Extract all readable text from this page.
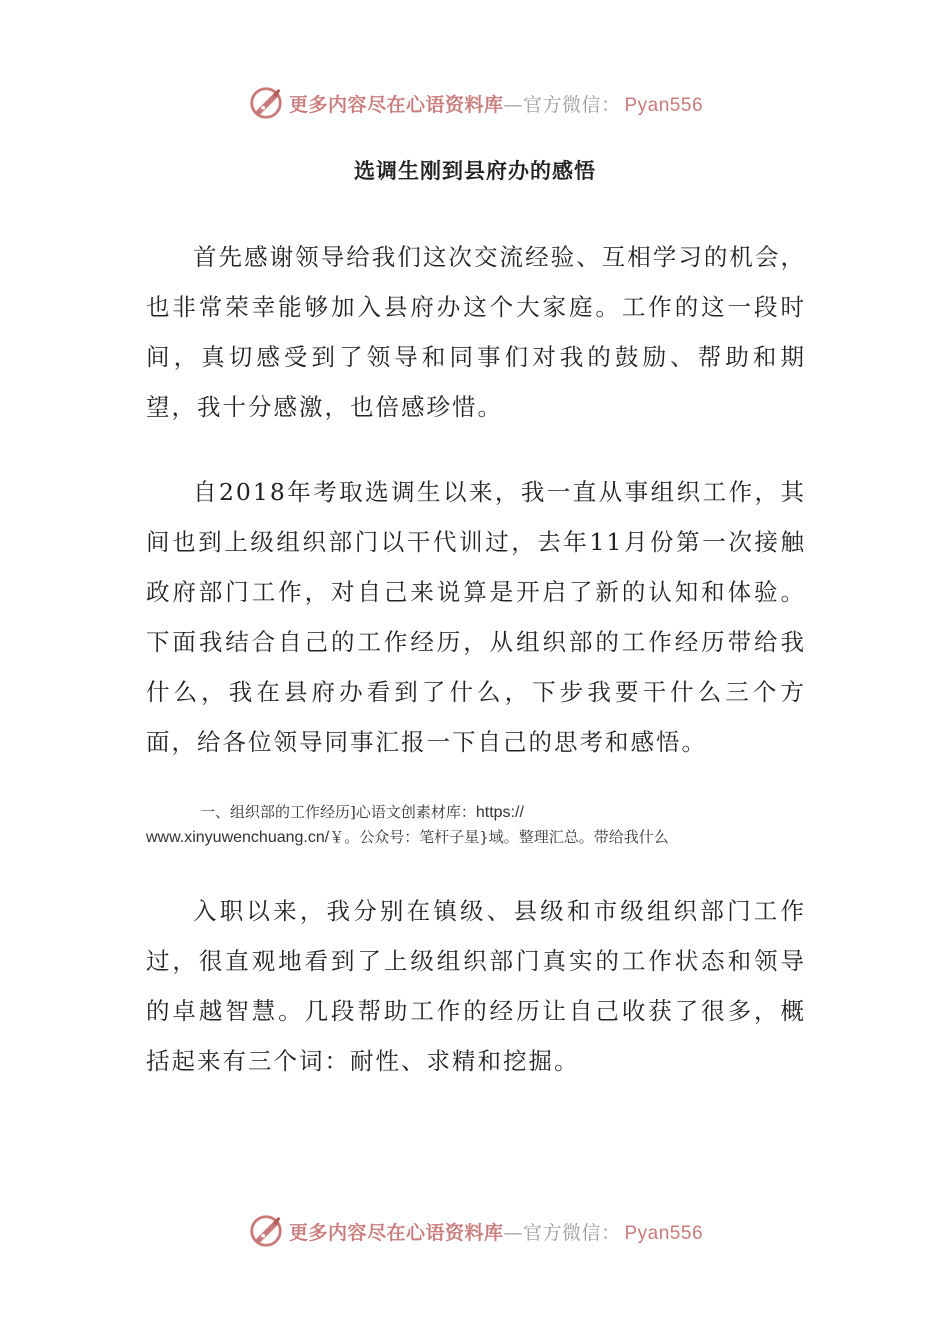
更多内容尽在心语资料库—官方微信： Pyan556
选调生刚到县府办的感悟

首先感谢领导给我们这次交流经验、互相学习的机会，也非常荣幸能够加入县府办这个大家庭。工作的这一段时间，真切感受到了领导和同事们对我的鼓励、帮助和期望，我十分感激，也倍感珍惜。

自2018年考取选调生以来，我一直从事组织工作，其间也到上级组织部门以干代训过，去年11月份第一次接触政府部门工作，对自己来说算是开启了新的认知和体验。下面我结合自己的工作经历，从组织部的工作经历带给我什么，我在县府办看到了什么，下步我要干什么三个方面，给各位领导同事汇报一下自己的思考和感悟。

一、组织部的工作经历]心语文创素材库：https://
www.xinyuwenchuang.cn/￥。公众号：笔杆子星}域。整理汇总。带给我什么

入职以来，我分别在镇级、县级和市级组织部门工作过，很直观地看到了上级组织部门真实的工作状态和领导的卓越智慧。几段帮助工作的经历让自己收获了很多，概括起来有三个词：耐性、求精和挖掘。

更多内容尽在心语资料库—官方微信： Pyan556
